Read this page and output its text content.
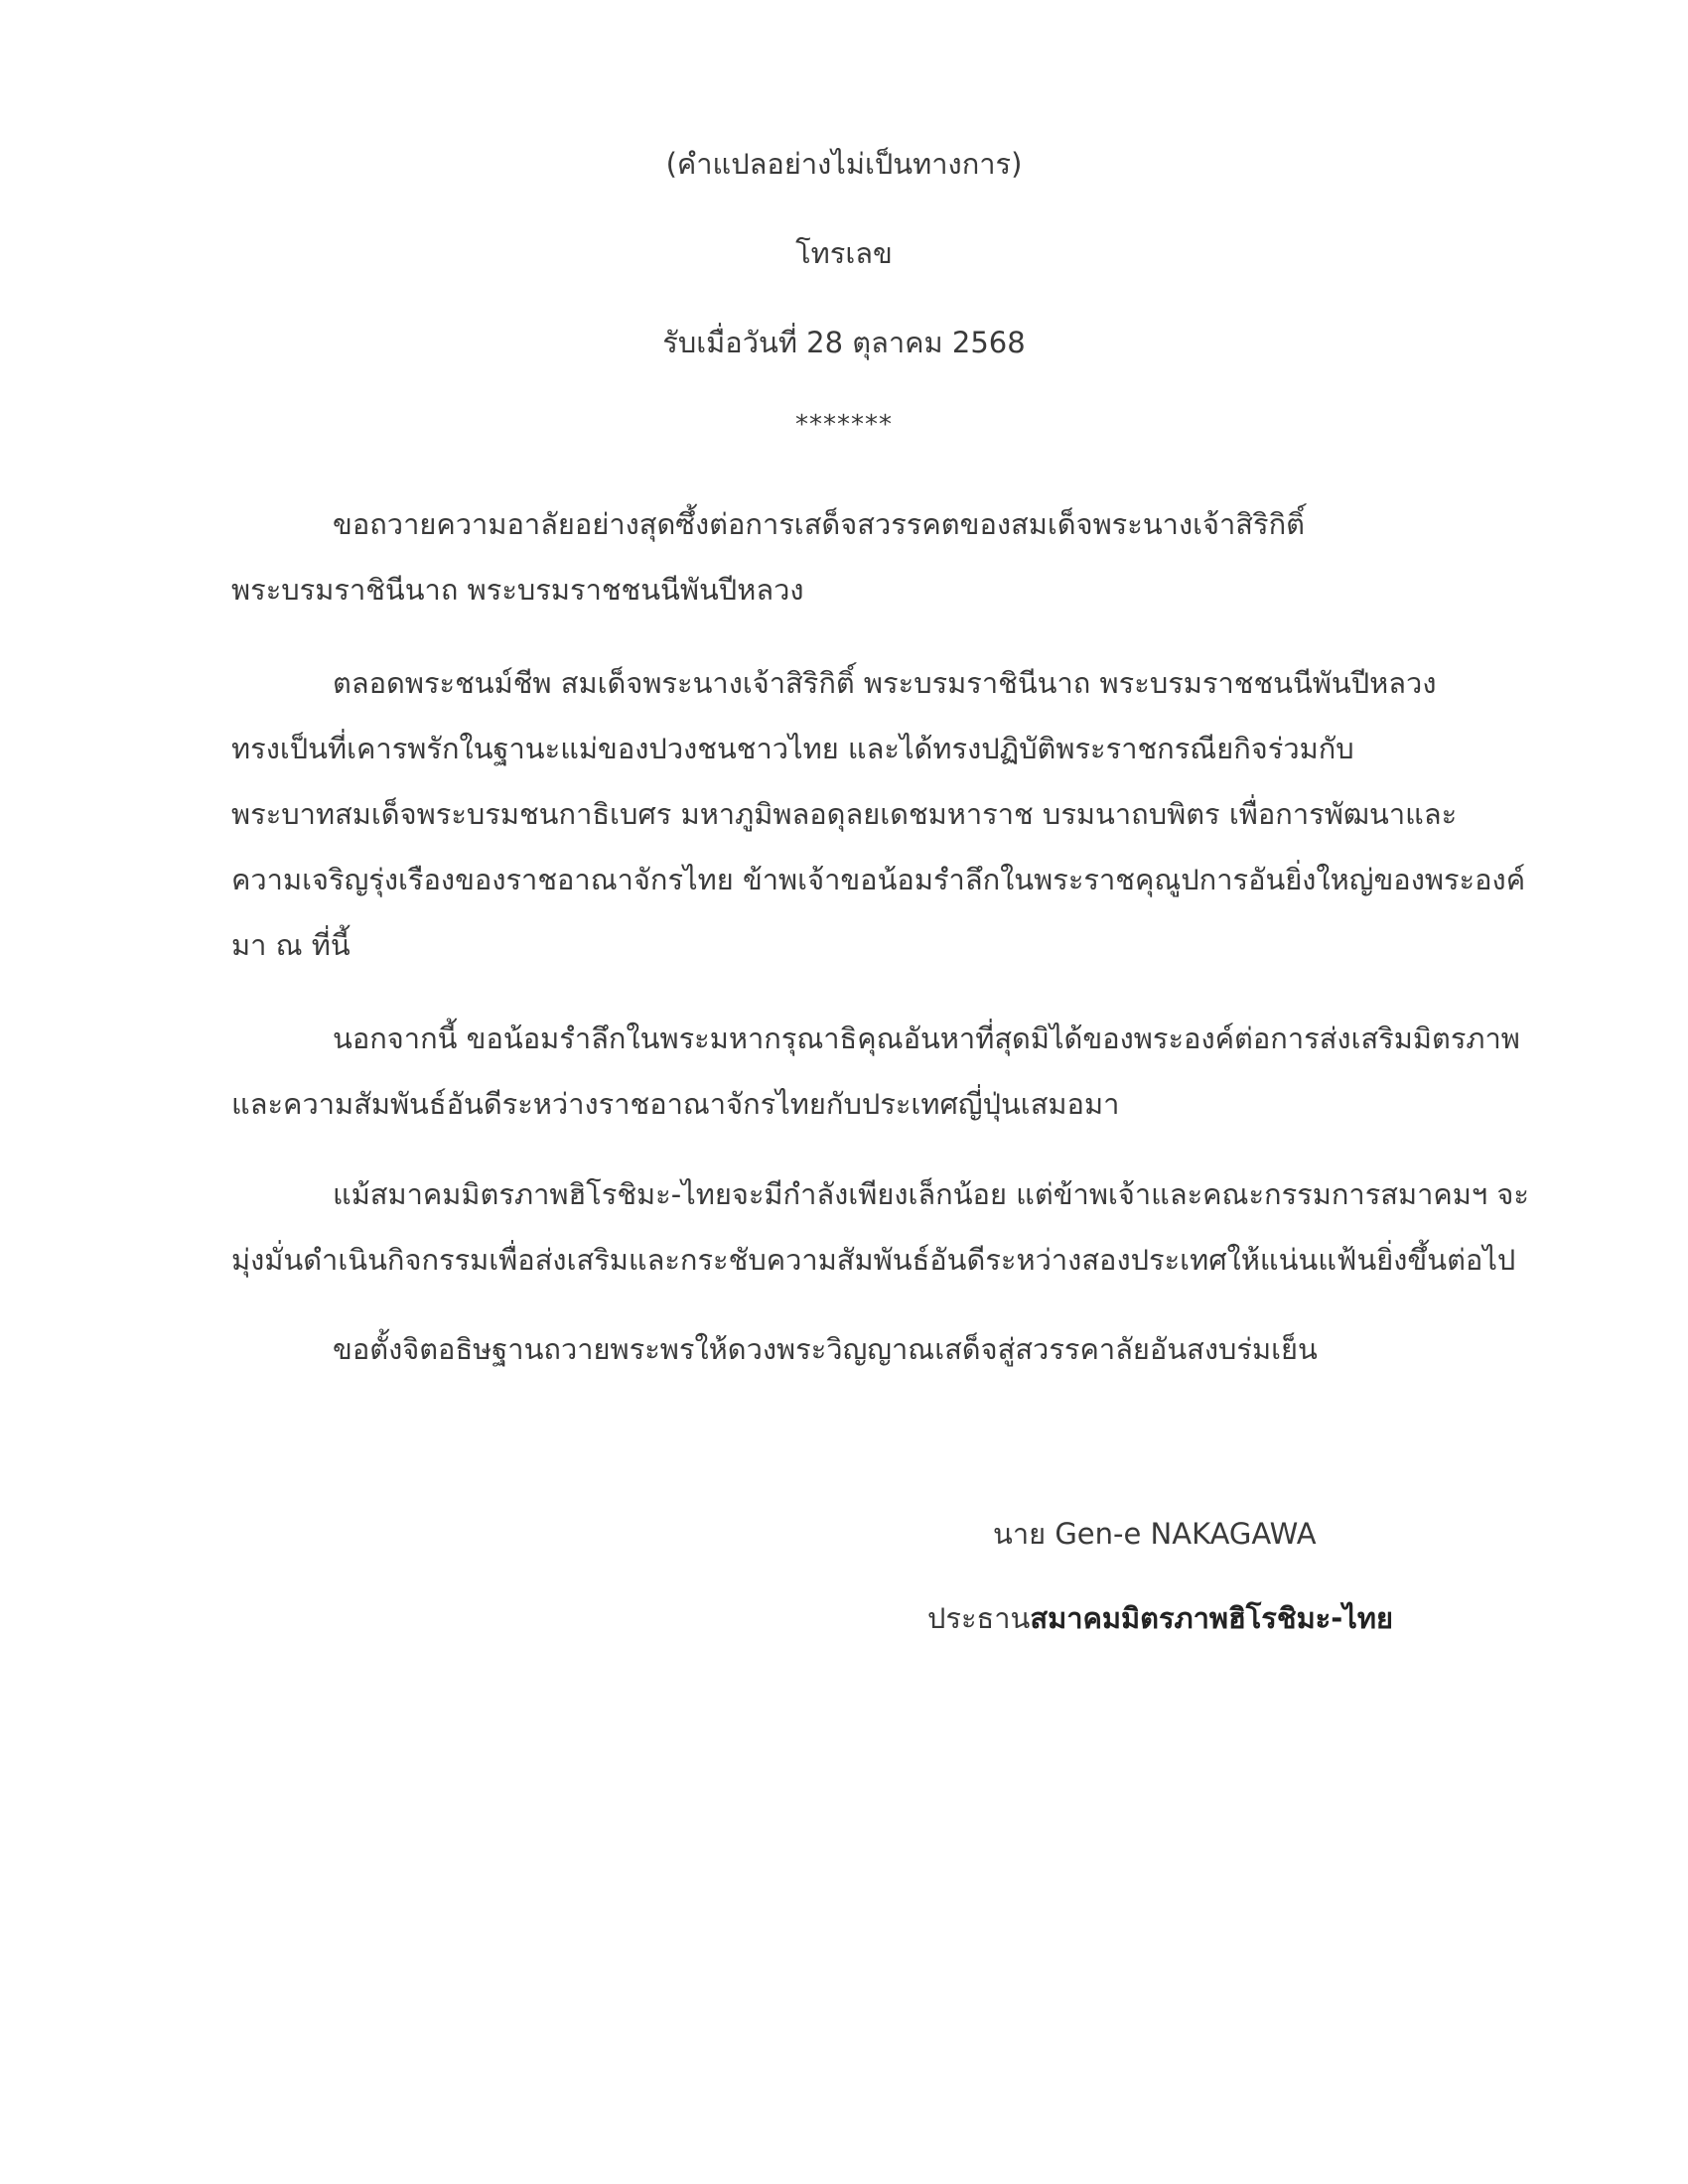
(คำแปลอย่างไม่เป็นทางการ)
โทรเลข
รับเมื่อวันที่ 28 ตุลาคม 2568
*******
ขอถวายความอาลัยอย่างสุดซึ้งต่อการเสด็จสวรรคตของสมเด็จพระนางเจ้าสิริกิติ์
พระบรมราชินีนาถ พระบรมราชชนนีพันปีหลวง
ตลอดพระชนม์ชีพ สมเด็จพระนางเจ้าสิริกิติ์ พระบรมราชินีนาถ พระบรมราชชนนีพันปีหลวง
ทรงเป็นที่เคารพรักในฐานะแม่ของปวงชนชาวไทย และได้ทรงปฏิบัติพระราชกรณียกิจร่วมกับ
พระบาทสมเด็จพระบรมชนกาธิเบศร มหาภูมิพลอดุลยเดชมหาราช บรมนาถบพิตร เพื่อการพัฒนาและ
ความเจริญรุ่งเรืองของราชอาณาจักรไทย ข้าพเจ้าขอน้อมรำลึกในพระราชคุณูปการอันยิ่งใหญ่ของพระองค์
มา ณ ที่นี้
นอกจากนี้ ขอน้อมรำลึกในพระมหากรุณาธิคุณอันหาที่สุดมิได้ของพระองค์ต่อการส่งเสริมมิตรภาพ
และความสัมพันธ์อันดีระหว่างราชอาณาจักรไทยกับประเทศญี่ปุ่นเสมอมา
แม้สมาคมมิตรภาพฮิโรชิมะ-ไทยจะมีกำลังเพียงเล็กน้อย แต่ข้าพเจ้าและคณะกรรมการสมาคมฯ จะ
มุ่งมั่นดำเนินกิจกรรมเพื่อส่งเสริมและกระชับความสัมพันธ์อันดีระหว่างสองประเทศให้แน่นแฟ้นยิ่งขึ้นต่อไป
ขอตั้งจิตอธิษฐานถวายพระพรให้ดวงพระวิญญาณเสด็จสู่สวรรคาลัยอันสงบร่มเย็น
นาย Gen-e NAKAGAWA
ประธานสมาคมมิตรภาพฮิโรชิมะ-ไทย
